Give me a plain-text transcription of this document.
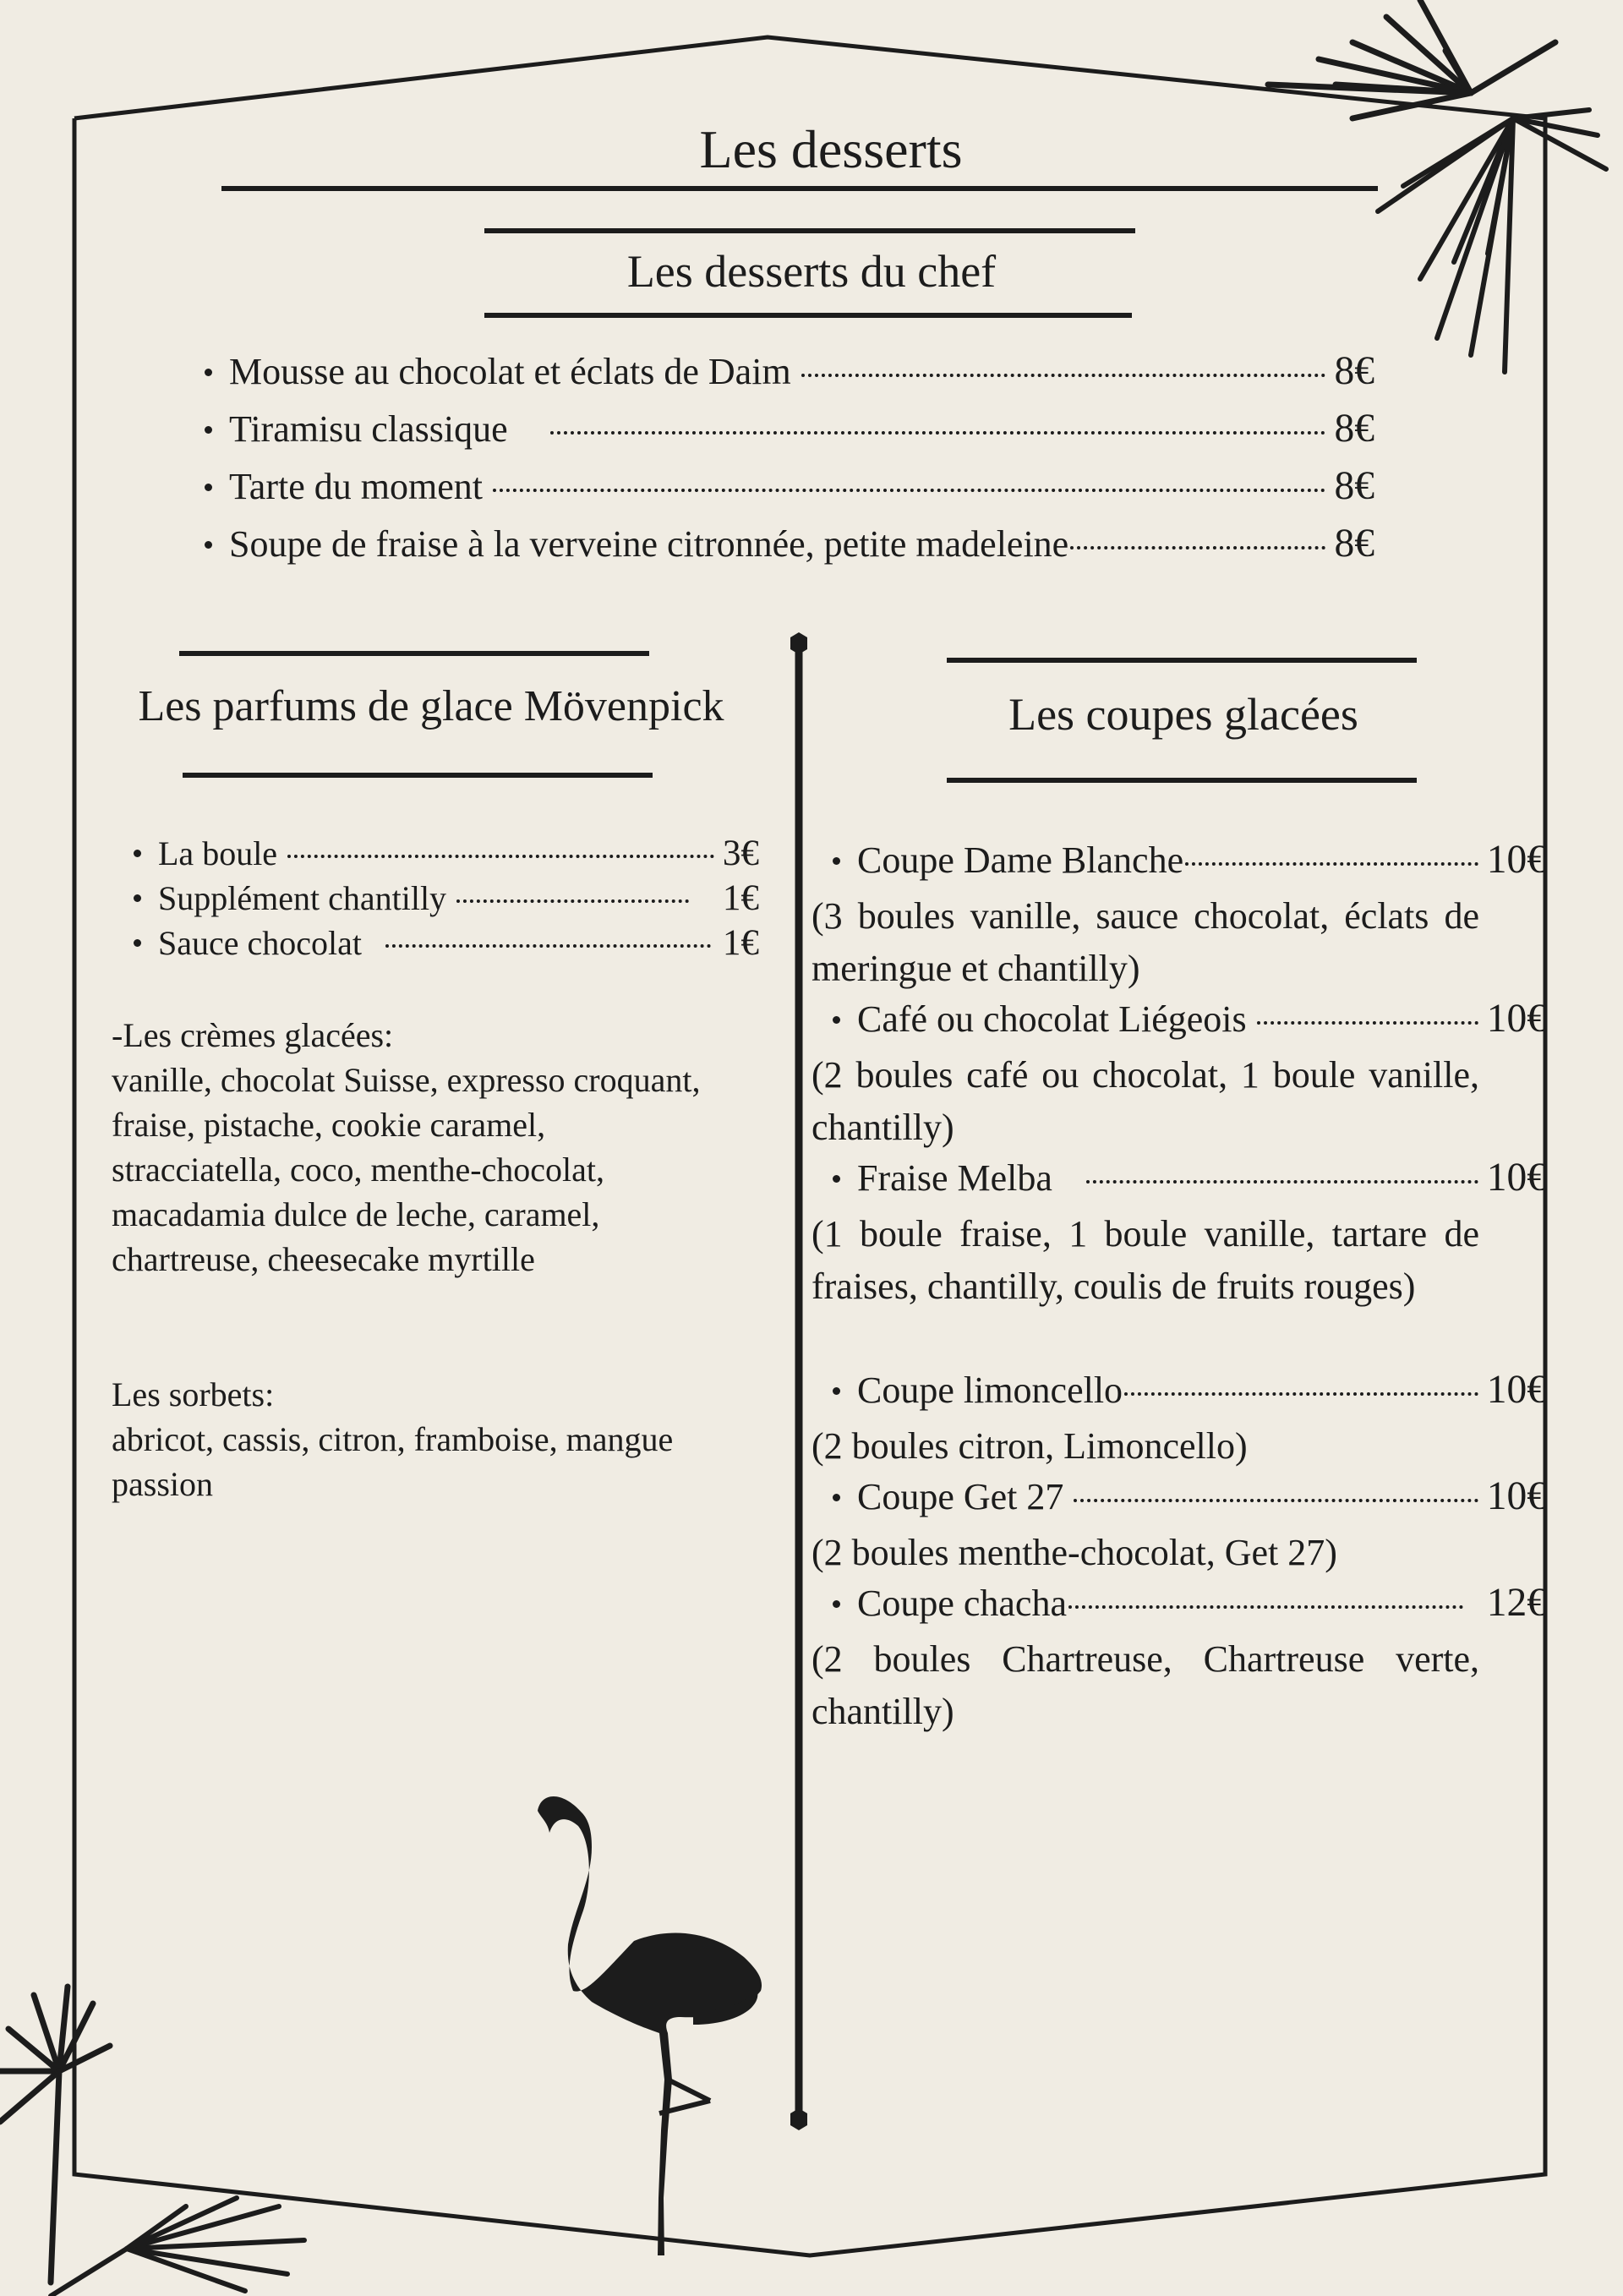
Les desserts
Les desserts du chef
Mousse au chocolat et éclats de Daim	8€
Tiramisu classique	8€
Tarte du moment	8€
Soupe de fraise à la verveine citronnée, petite madeleine	8€
Les parfums de glace Mövenpick
La boule	3€
Supplément chantilly	1€
Sauce chocolat	1€
-Les crèmes glacées:
vanille, chocolat Suisse, expresso croquant, fraise, pistache, cookie caramel, stracciatella, coco, menthe-chocolat, macadamia dulce de leche, caramel, chartreuse, cheesecake myrtille
Les sorbets:
abricot, cassis, citron, framboise, mangue passion
Les coupes glacées
Coupe Dame Blanche	10€
(3 boules vanille, sauce chocolat, éclats de meringue et chantilly)
Café ou chocolat Liégeois	10€
(2 boules café ou chocolat, 1 boule vanille, chantilly)
Fraise Melba	10€
(1 boule fraise, 1 boule vanille, tartare de fraises, chantilly, coulis de fruits rouges)
Coupe limoncello	10€
(2 boules citron, Limoncello)
Coupe Get 27	10€
(2 boules menthe-chocolat, Get 27)
Coupe chacha	12€
(2 boules Chartreuse, Chartreuse verte, chantilly)
